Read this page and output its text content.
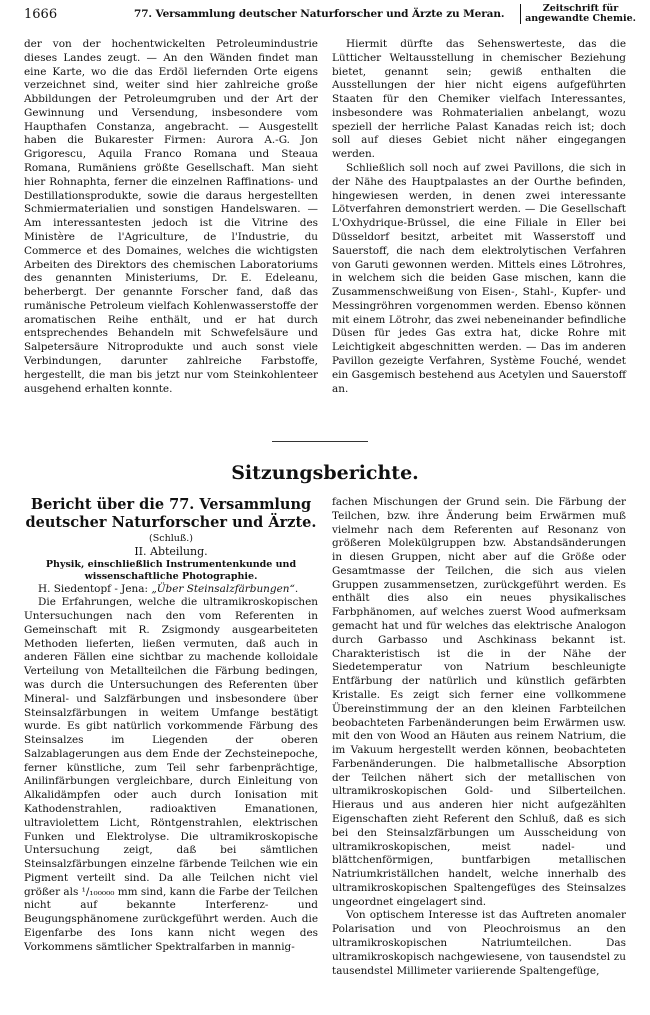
1666	77. Versammlung deutscher Naturforscher und Ärzte zu Meran.	Zeitschrift für
angewandte Chemie.

der von der hochentwickelten Petroleumindustrie dieses Landes zeugt. — An den Wänden findet man eine Karte, wo die das Erdöl liefernden Orte eigens verzeichnet sind, weiter sind hier zahlreiche große Abbildungen der Petroleumgruben und der Art der Gewinnung und Versendung, insbesondere vom Haupthafen Constanza, angebracht. — Ausgestellt haben die Bukarester Firmen: Aurora A.-G. Jon Grigorescu, Aquila Franco Romana und Steaua Romana, Rumäniens größte Gesellschaft. Man sieht hier Rohnaphta, ferner die einzelnen Raffinations- und Destillationsprodukte, sowie die daraus hergestellten Schmiermaterialien und sonstigen Handelswaren. — Am interessantesten jedoch ist die Vitrine des Ministère de l'Agriculture, de l'Industrie, du Commerce et des Domaines, welches die wichtigsten Arbeiten des Direktors des chemischen Laboratoriums des genannten Ministeriums, Dr. E. Edeleanu, beherbergt. Der genannte Forscher fand, daß das rumänische Petroleum vielfach Kohlenwasserstoffe der aromatischen Reihe enthält, und er hat durch entsprechendes Behandeln mit Schwefelsäure und Salpetersäure Nitroprodukte und auch sonst viele Verbindungen, darunter zahlreiche Farbstoffe, hergestellt, die man bis jetzt nur vom Steinkohlenteer ausgehend erhalten konnte.

Hiermit dürfte das Sehenswerteste, das die Lütticher Weltausstellung in chemischer Beziehung bietet, genannt sein; gewiß enthalten die Ausstellungen der hier nicht eigens aufgeführten Staaten für den Chemiker vielfach Interessantes, insbesondere was Rohmaterialien anbelangt, wozu speziell der herrliche Palast Kanadas reich ist; doch soll auf dieses Gebiet nicht näher eingegangen werden.

Schließlich soll noch auf zwei Pavillons, die sich in der Nähe des Hauptpalastes an der Ourthe befinden, hingewiesen werden, in denen zwei interessante Lötverfahren demonstriert werden. — Die Gesellschaft L'Oxhydrique-Brüssel, die eine Filiale in Eller bei Düsseldorf besitzt, arbeitet mit Wasserstoff und Sauerstoff, die nach dem elektrolytischen Verfahren von Garuti gewonnen werden. Mittels eines Lötrohres, in welchem sich die beiden Gase mischen, kann die Zusammenschweißung von Eisen-, Stahl-, Kupfer- und Messingröhren vorgenommen werden. Ebenso können mit einem Lötrohr, das zwei nebeneinander befindliche Düsen für jedes Gas extra hat, dicke Rohre mit Leichtigkeit abgeschnitten werden. — Das im anderen Pavillon gezeigte Verfahren, Système Fouché, wendet ein Gasgemisch bestehend aus Acetylen und Sauerstoff an.

Sitzungsberichte.

Bericht über die 77. Versammlung deutscher Naturforscher und Ärzte.

(Schluß.)

II. Abteilung.

Physik, einschließlich Instrumentenkunde und wissenschaftliche Photographie.

H. Siedentopf - Jena: „Über Steinsalzfärbungen“.

Die Erfahrungen, welche die ultramikroskopischen Untersuchungen nach den vom Referenten in Gemeinschaft mit R. Zsigmondy ausgearbeiteten Methoden lieferten, ließen vermuten, daß auch in anderen Fällen eine sichtbar zu machende kolloidale Verteilung von Metallteilchen die Färbung bedingen, was durch die Untersuchungen des Referenten über Mineral- und Salzfärbungen und insbesondere über Steinsalzfärbungen in weitem Umfange bestätigt wurde. Es gibt natürlich vorkommende Färbung des Steinsalzes im Liegenden der oberen Salzablagerungen aus dem Ende der Zechsteinepoche, ferner künstliche, zum Teil sehr farbenprächtige, Anilinfärbungen vergleichbare, durch Einleitung von Alkalidämpfen oder auch durch Ionisation mit Kathodenstrahlen, radioaktiven Emanationen, ultraviolettem Licht, Röntgenstrahlen, elektrischen Funken und Elektrolyse. Die ultramikroskopische Untersuchung zeigt, daß bei sämtlichen Steinsalzfärbungen einzelne färbende Teilchen wie ein Pigment verteilt sind. Da alle Teilchen nicht viel größer als ¹/₁₀₀₀₀₀ mm sind, kann die Farbe der Teilchen nicht auf bekannte Interferenz- und Beugungsphänomene zurückgeführt werden. Auch die Eigenfarbe des Ions kann nicht wegen des Vorkommens sämtlicher Spektralfarben in mannig-

fachen Mischungen der Grund sein. Die Färbung der Teilchen, bzw. ihre Änderung beim Erwärmen muß vielmehr nach dem Referenten auf Resonanz von größeren Molekülgruppen bzw. Abstandsänderungen in diesen Gruppen, nicht aber auf die Größe oder Gesamtmasse der Teilchen, die sich aus vielen Gruppen zusammensetzen, zurückgeführt werden. Es enthält dies also ein neues physikalisches Farbphänomen, auf welches zuerst Wood aufmerksam gemacht hat und für welches das elektrische Analogon durch Garbasso und Aschkinass bekannt ist. Charakteristisch ist die in der Nähe der Siedetemperatur von Natrium beschleunigte Entfärbung der natürlich und künstlich gefärbten Kristalle. Es zeigt sich ferner eine vollkommene Übereinstimmung der an den kleinen Farbteilchen beobachteten Farbenänderungen beim Erwärmen usw. mit den von Wood an Häuten aus reinem Natrium, die im Vakuum hergestellt werden können, beobachteten Farbenänderungen. Die halbmetallische Absorption der Teilchen nähert sich der metallischen von ultramikroskopischen Gold- und Silberteilchen. Hieraus und aus anderen hier nicht aufgezählten Eigenschaften zieht Referent den Schluß, daß es sich bei den Steinsalzfärbungen um Ausscheidung von ultramikroskopischen, meist nadel- und blättchenförmigen, buntfarbigen metallischen Natriumkriställchen handelt, welche innerhalb des ultramikroskopischen Spaltengefüges des Steinsalzes ungeordnet eingelagert sind.

Von optischem Interesse ist das Auftreten anomaler Polarisation und von Pleochroismus an den ultramikroskopischen Natriumteilchen. Das ultramikroskopisch nachgewiesene, von tausendstel zu tausendstel Millimeter variierende Spaltengefüge,
